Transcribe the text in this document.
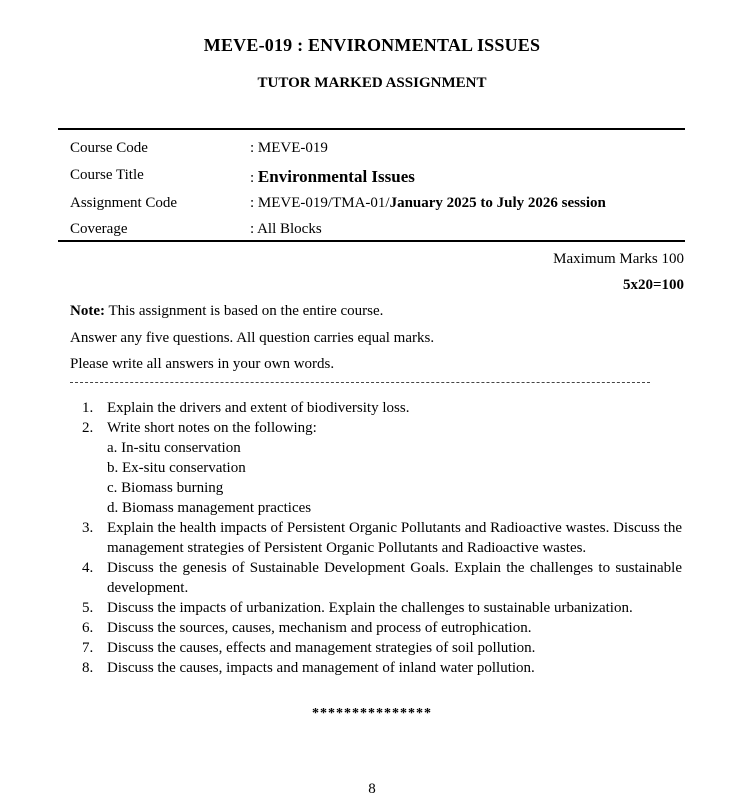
MEVE-019 : ENVIRONMENTAL ISSUES
TUTOR MARKED ASSIGNMENT
Course Code	: MEVE-019
Course Title	: Environmental Issues
Assignment Code	: MEVE-019/TMA-01/January 2025 to July 2026 session
Coverage	: All Blocks
Maximum Marks 100
5x20=100
Note: This assignment is based on the entire course.
Answer any five questions. All question carries equal marks.
Please write all answers in your own words.
1. Explain the drivers and extent of biodiversity loss.
2. Write short notes on the following:
a. In-situ conservation
b. Ex-situ conservation
c. Biomass burning
d. Biomass management practices
3. Explain the health impacts of Persistent Organic Pollutants and Radioactive wastes. Discuss the management strategies of Persistent Organic Pollutants and Radioactive wastes.
4. Discuss the genesis of Sustainable Development Goals. Explain the challenges to sustainable development.
5. Discuss the impacts of urbanization. Explain the challenges to sustainable urbanization.
6. Discuss the sources, causes, mechanism and process of eutrophication.
7. Discuss the causes, effects and management strategies of soil pollution.
8. Discuss the causes, impacts and management of inland water pollution.
***************
8
